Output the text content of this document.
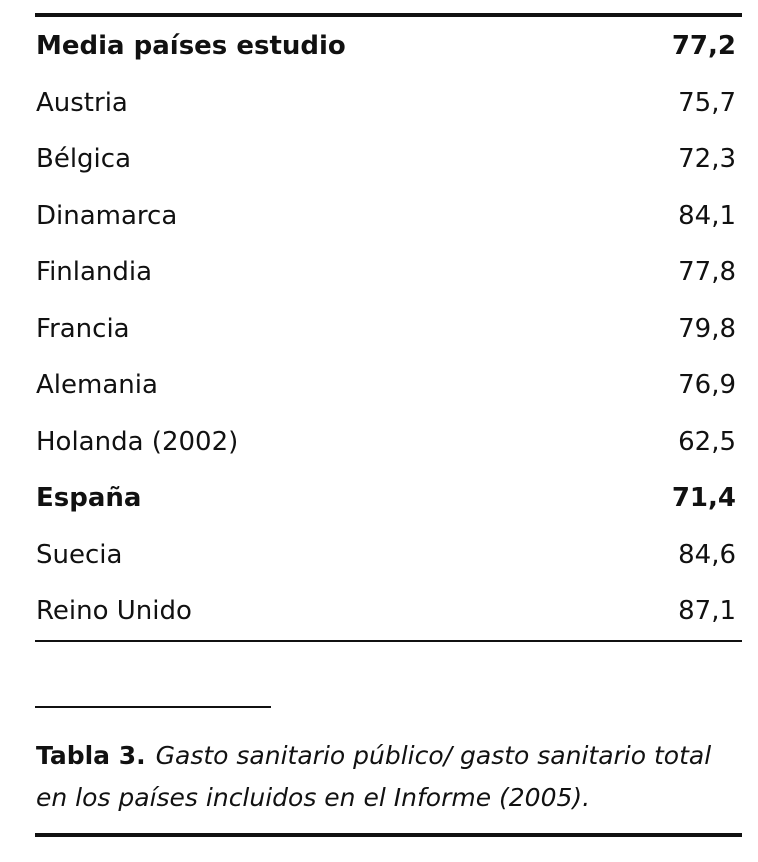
Media países estudio	77,2
Austria	75,7
Bélgica	72,3
Dinamarca	84,1
Finlandia	77,8
Francia	79,8
Alemania	76,9
Holanda (2002)	62,5
España	71,4
Suecia	84,6
Reino Unido	87,1
Tabla 3. Gasto sanitario público/ gasto sanitario total en los países incluidos en el Informe (2005).
